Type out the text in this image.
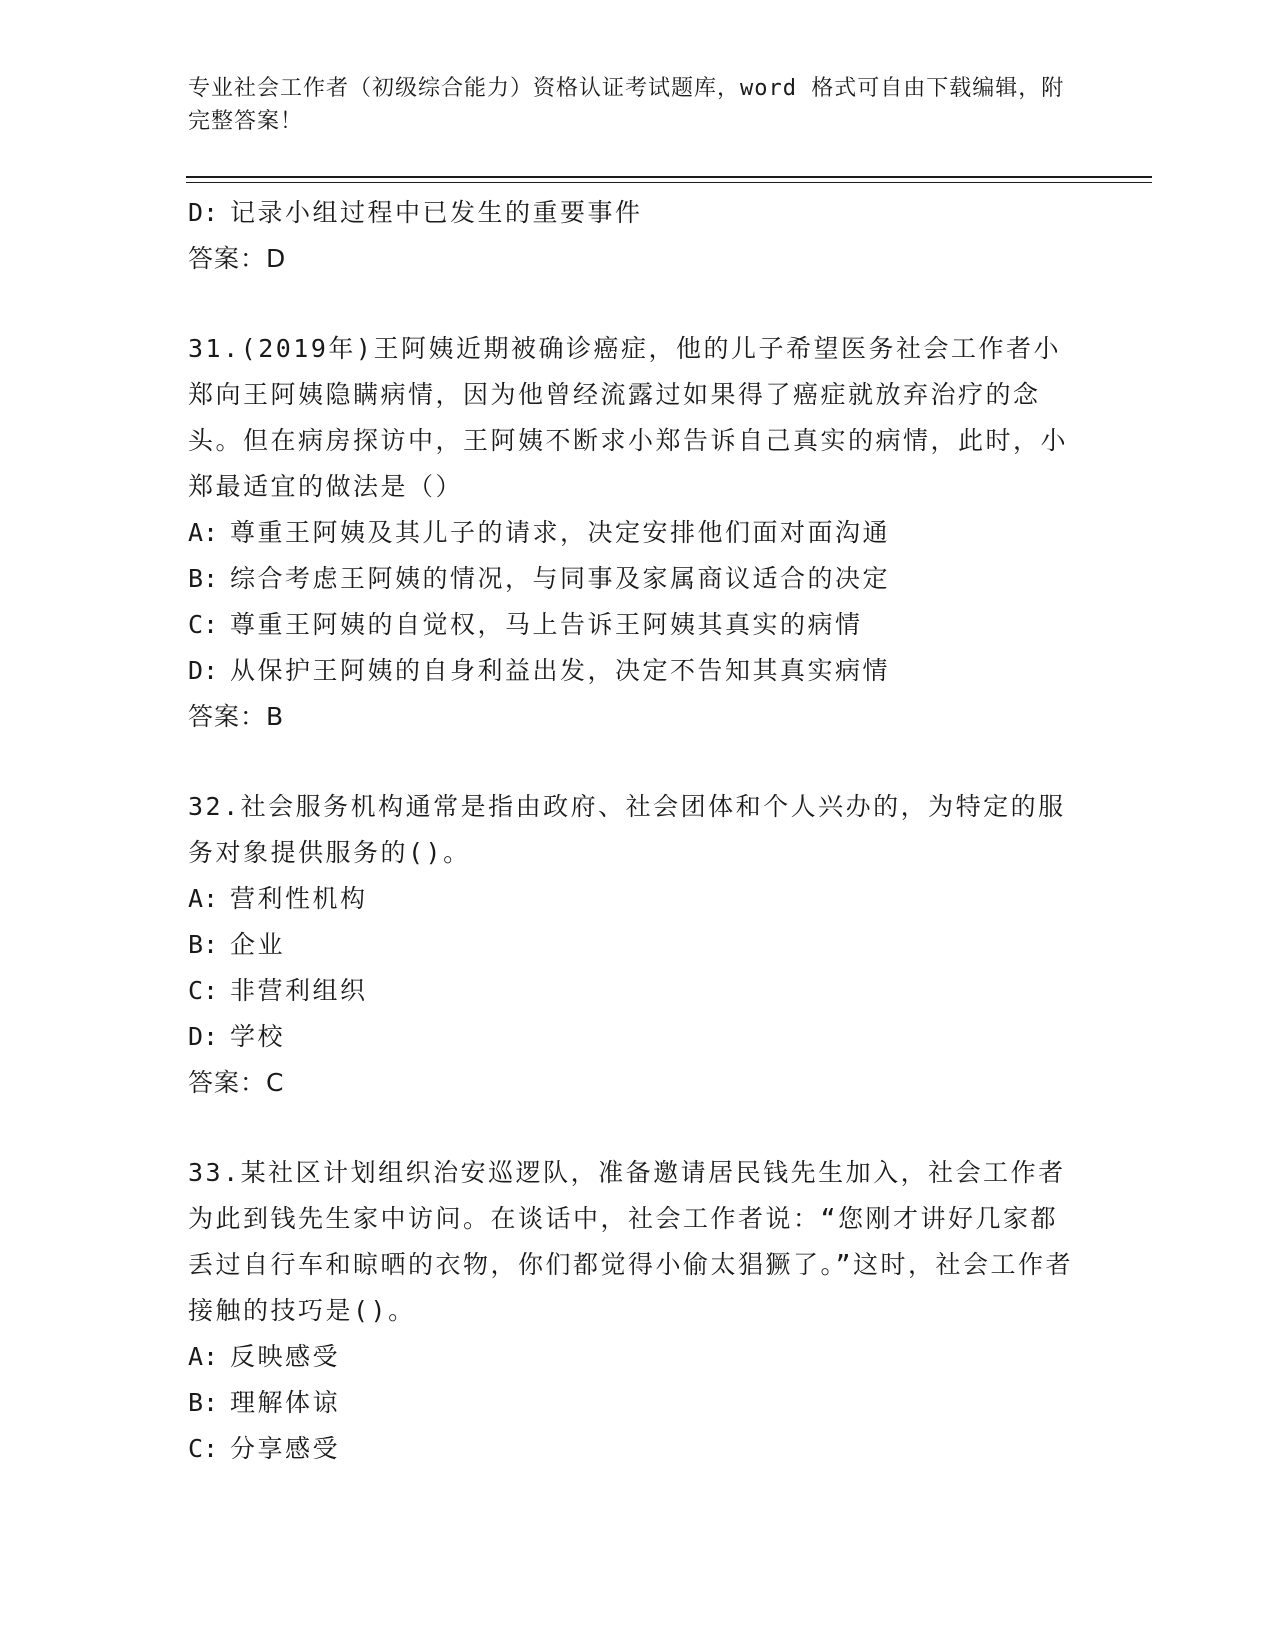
专业社会工作者（初级综合能力）资格认证考试题库，word 格式可自由下载编辑，附完整答案！
D: 记录小组过程中已发生的重要事件
答案：D
31.(2019年)王阿姨近期被确诊癌症，他的儿子希望医务社会工作者小郑向王阿姨隐瞒病情，因为他曾经流露过如果得了癌症就放弃治疗的念头。但在病房探访中，王阿姨不断求小郑告诉自己真实的病情，此时，小郑最适宜的做法是（）
A: 尊重王阿姨及其儿子的请求，决定安排他们面对面沟通
B: 综合考虑王阿姨的情况，与同事及家属商议适合的决定
C: 尊重王阿姨的自觉权，马上告诉王阿姨其真实的病情
D: 从保护王阿姨的自身利益出发，决定不告知其真实病情
答案：B
32.社会服务机构通常是指由政府、社会团体和个人兴办的，为特定的服务对象提供服务的()。
A: 营利性机构
B: 企业
C: 非营利组织
D: 学校
答案：C
33.某社区计划组织治安巡逻队，准备邀请居民钱先生加入，社会工作者为此到钱先生家中访问。在谈话中，社会工作者说：“您刚才讲好几家都丢过自行车和晾晒的衣物，你们都觉得小偷太猖獗了。”这时，社会工作者接触的技巧是()。
A: 反映感受
B: 理解体谅
C: 分享感受
